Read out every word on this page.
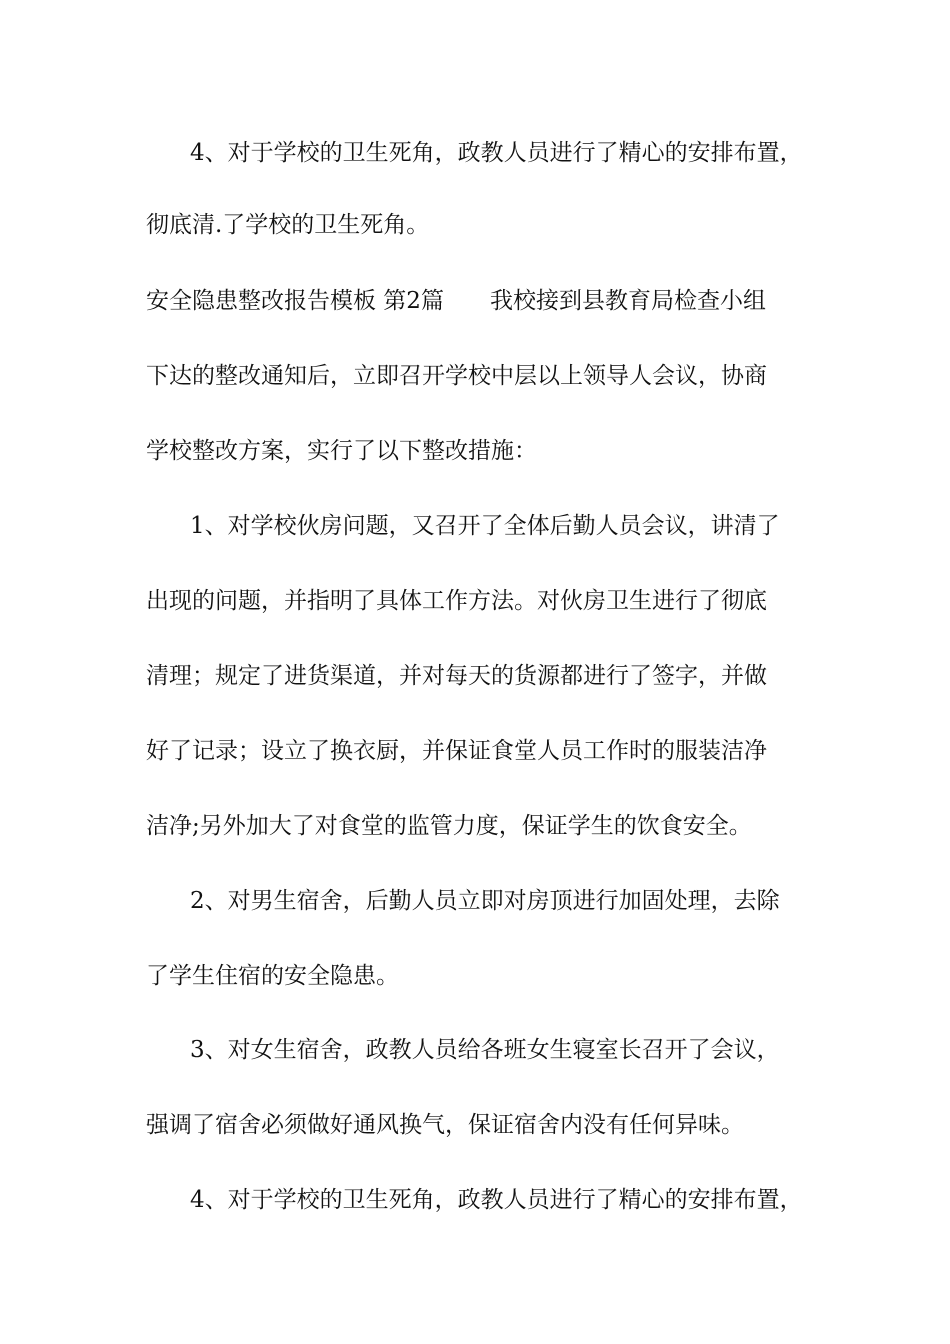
4、对于学校的卫生死角，政教人员进行了精心的安排布置，

彻底清.了学校的卫生死角。

安全隐患整改报告模板 第2篇 我校接到县教育局检查小组

下达的整改通知后，立即召开学校中层以上领导人会议，协商

学校整改方案，实行了以下整改措施：

1、对学校伙房问题，又召开了全体后勤人员会议，讲清了

出现的问题，并指明了具体工作方法。对伙房卫生进行了彻底

清理；规定了进货渠道，并对每天的货源都进行了签字，并做

好了记录；设立了换衣厨，并保证食堂人员工作时的服装洁净

洁净;另外加大了对食堂的监管力度，保证学生的饮食安全。

2、对男生宿舍，后勤人员立即对房顶进行加固处理，去除

了学生住宿的安全隐患。

3、对女生宿舍，政教人员给各班女生寝室长召开了会议，

强调了宿舍必须做好通风换气，保证宿舍内没有任何异味。

4、对于学校的卫生死角，政教人员进行了精心的安排布置，
